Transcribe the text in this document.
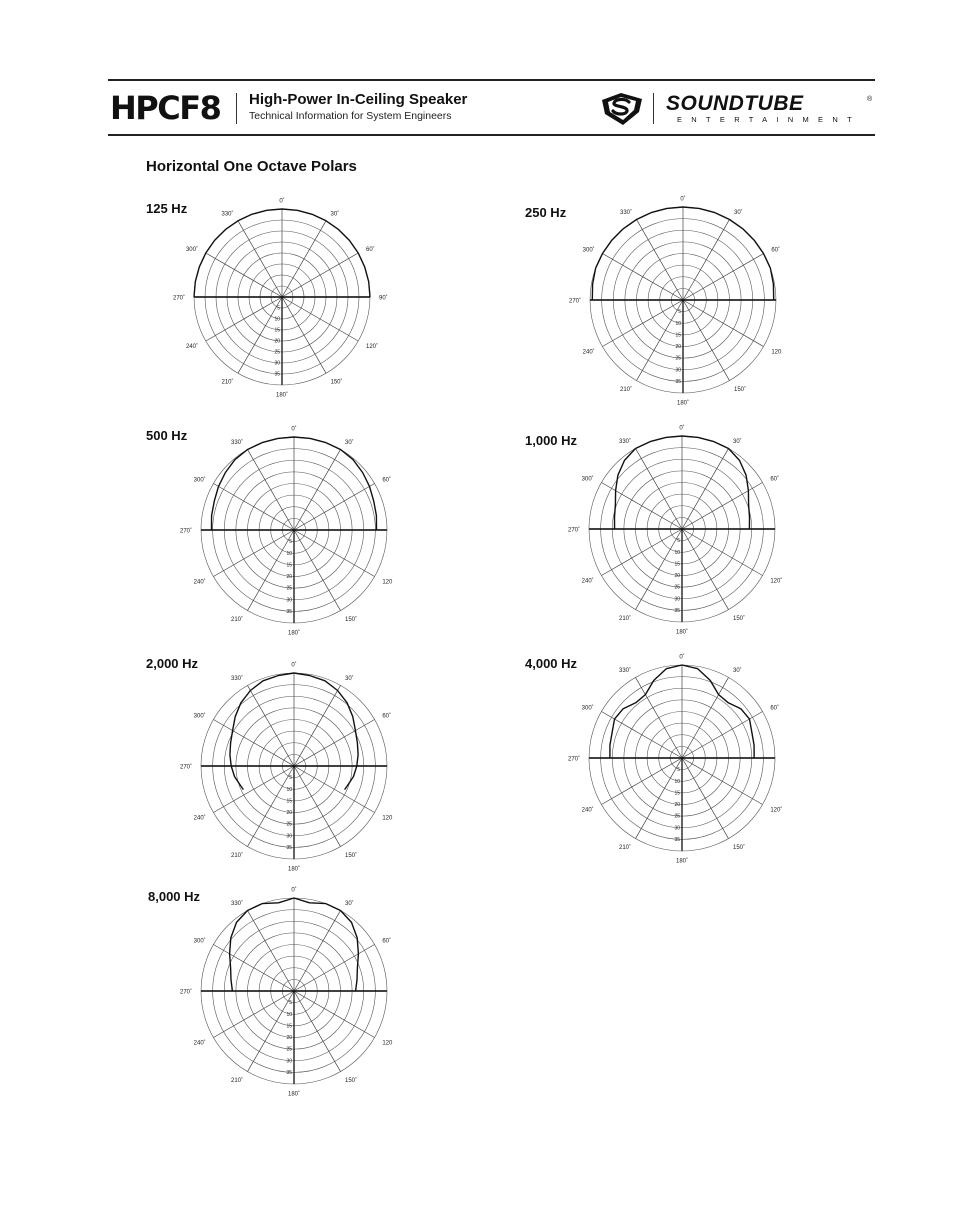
HPCF8 High-Power In-Ceiling Speaker
Technical Information for System Engineers
SOUNDTUBE	®
ENTERTAINMENT
Horizontal One Octave Polars
125 Hz	250 Hz
500 Hz	1,000 Hz
2,000 Hz	4,000 Hz
8,000 Hz
0˚
30˚
60˚
90˚
120˚
150˚
180˚
210˚
240˚
270˚
300˚
330˚
5
10
15
20
25
30
35
0˚
30˚
60˚
120
150˚
180˚
210˚
240˚
270˚
300˚
330˚
5
10
15
20
25
30
35
0˚
30˚
60˚
120
150˚
180˚
210˚
240˚
270˚
300˚
330˚
5
10
15
20
25
30
35
0˚
30˚
60˚
120˚
150˚
180˚
210˚
240˚
270˚
300˚
330˚
5
10
15
20
25
30
35
0˚
30˚
60˚
120
150˚
180˚
210˚
240˚
270˚
300˚
330˚
5
10
15
20
25
30
35
0˚
30˚
60˚
120˚
150˚
180˚
210˚
240˚
270˚
300˚
330˚
5
10
15
20
25
30
35
0˚
30˚
60˚
120
150˚
180˚
210˚
240˚
270˚
300˚
330˚
5
10
15
20
25
30
35
